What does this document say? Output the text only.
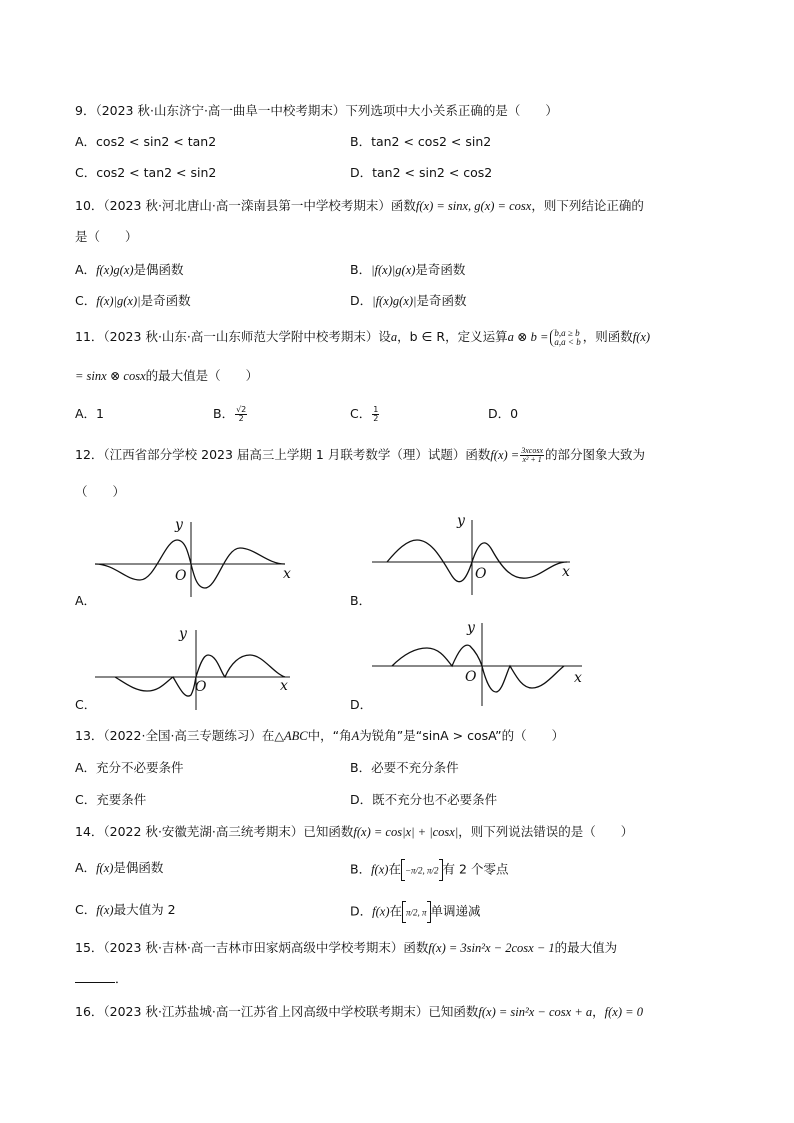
9．（2023 秋·山东济宁·高一曲阜一中校考期末）下列选项中大小关系正确的是（　　）
A．cos2 < sin2 < tan2	B．tan2 < cos2 < sin2
C．cos2 < tan2 < sin2	D．tan2 < sin2 < cos2
10．（2023 秋·河北唐山·高一滦南县第一中学校考期末）函数f(x) = sinx, g(x) = cosx，则下列结论正确的
是（　　）
A．f(x)g(x)是偶函数	B．|f(x)|g(x)是奇函数
C．f(x)|g(x)|是奇函数	D．|f(x)g(x)|是奇函数
11．（2023 秋·山东·高一山东师范大学附中校考期末）设a，b ∈ R，定义运算a ⊗ b = b,a ≥ b
a,a < b ，则函数f(x)
= sinx ⊗ cosx的最大值是（　　）
A．1	B． $\frac{√2}{2}$	C． $\frac{1}{2}$	D．0
12．（江西省部分学校 2023 届高三上学期 1 月联考数学（理）试题）函数$f(x) = \frac{3xcosx}{\text{x² + 1}}$ 的部分图象大致为
（　　）
y
x
O
A．
y
x
O
B．
y
x
O
C．
y
x
O
D．
13．（2022·全国·高三专题练习）在△ABC中，“角A为锐角”是“sinA > cosA”的（　　）
A．充分不必要条件	B．必要不充分条件
C．充要条件	D．既不充分也不必要条件
14．（2022 秋·安徽芜湖·高三统考期末）已知函数f(x) = cos|x| + |cosx|，则下列说法错误的是（　　）
A．f(x)是偶函数	B．f(x)在 −π/2, π/2 有 2 个零点
C．f(x)最大值为 2	D．f(x)在 π/2, π 单调递减
15．（2023 秋·吉林·高一吉林市田家炳高级中学校考期末）函数f(x) = 3sin²x − 2cosx − 1的最大值为
．
16．（2023 秋·江苏盐城·高一江苏省上冈高级中学校联考期末）已知函数f(x) = sin²x − cosx + a，f(x) = 0
